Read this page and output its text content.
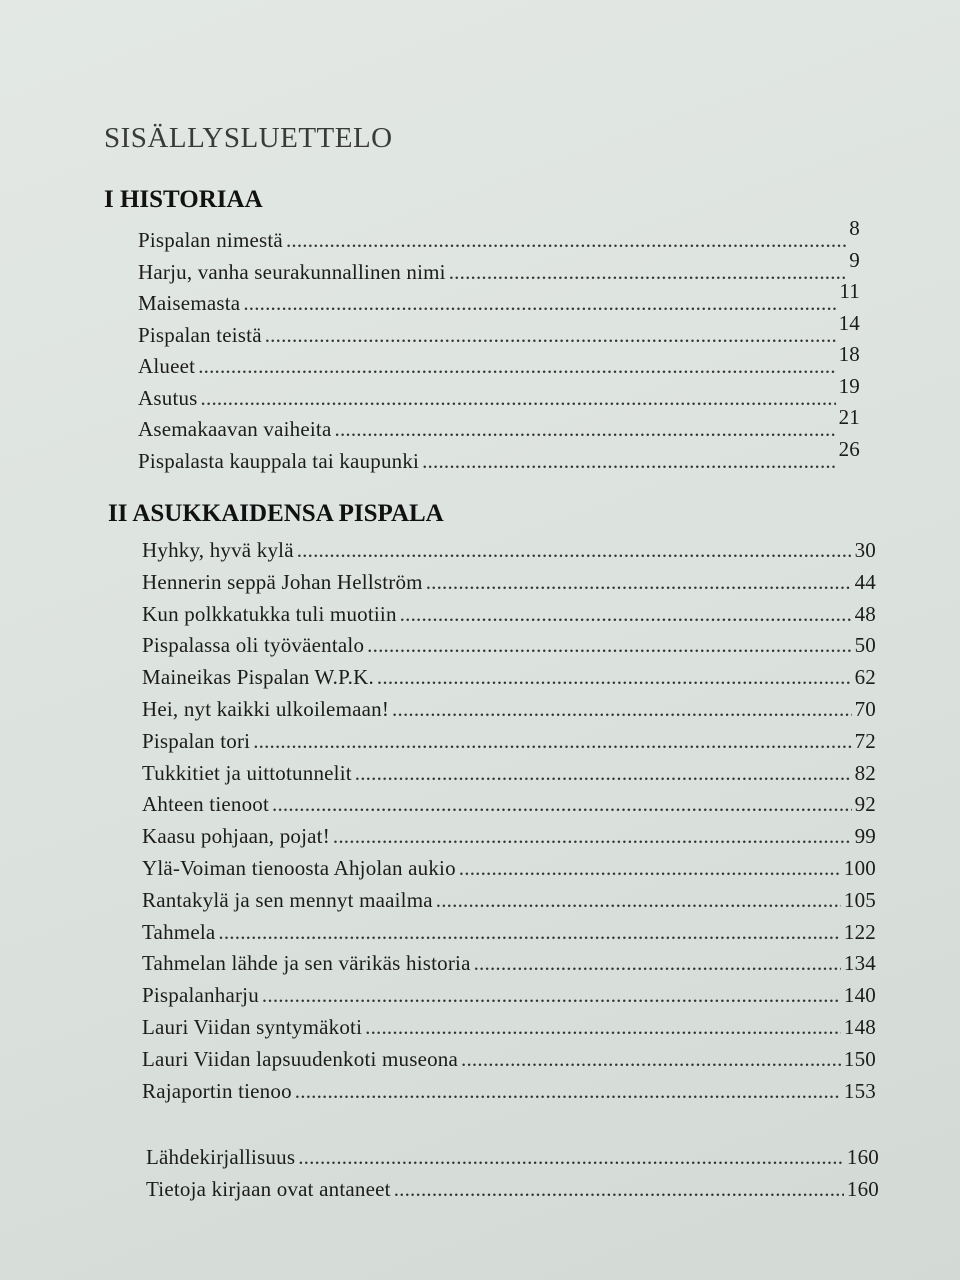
SISÄLLYSLUETTELO
I HISTORIAA
Pispalan nimestä .....	8
Harju, vanha seurakunnallinen nimi .....	9
Maisemasta .....	11
Pispalan teistä .....	14
Alueet .....	18
Asutus .....	19
Asemakaavan vaiheita .....	21
Pispalasta kauppala tai kaupunki .....	26
II ASUKKAIDENSA PISPALA
Hyhky, hyvä kylä .....	30
Hennerin seppä Johan Hellström .....	44
Kun polkkatukka tuli muotiin .....	48
Pispalassa oli työväentalo .....	50
Maineikas Pispalan W.P.K. .....	62
Hei, nyt kaikki ulkoilemaan! .....	70
Pispalan tori .....	72
Tukkitiet ja uittotunnelit .....	82
Ahteen tienoot .....	92
Kaasu pohjaan, pojat! .....	99
Ylä-Voiman tienoosta Ahjolan aukio .....	100
Rantakylä ja sen mennyt maailma .....	105
Tahmela .....	122
Tahmelan lähde ja sen värikäs historia .....	134
Pispalanharju .....	140
Lauri Viidan syntymäkoti .....	148
Lauri Viidan lapsuudenkoti museona .....	150
Rajaportin tienoo .....	153
Lähdekirjallisuus .....	160
Tietoja kirjaan ovat antaneet .....	160
